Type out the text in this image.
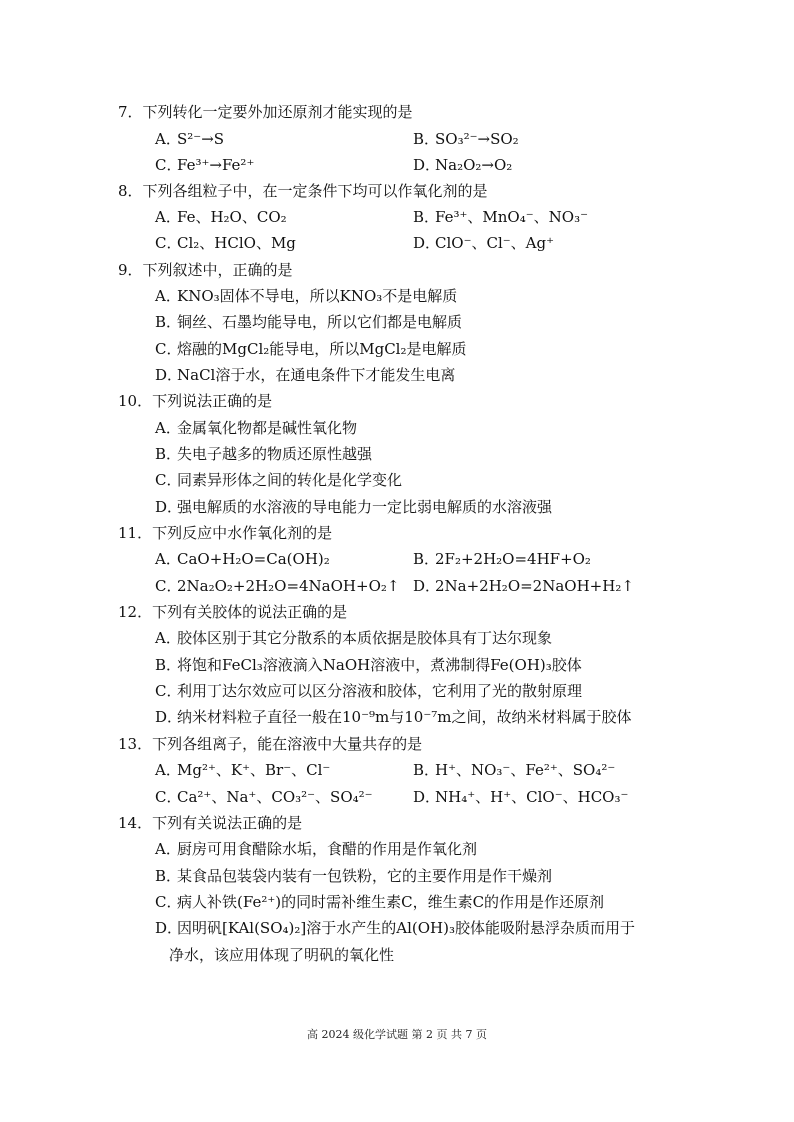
7．下列转化一定要外加还原剂才能实现的是
A．S²⁻→S	B．SO₃²⁻→SO₂
C．Fe³⁺→Fe²⁺	D．Na₂O₂→O₂
8．下列各组粒子中，在一定条件下均可以作氧化剂的是
A．Fe、H₂O、CO₂	B．Fe³⁺、MnO₄⁻、NO₃⁻
C．Cl₂、HClO、Mg	D．ClO⁻、Cl⁻、Ag⁺
9．下列叙述中，正确的是
A．KNO₃固体不导电，所以KNO₃不是电解质
B．铜丝、石墨均能导电，所以它们都是电解质
C．熔融的MgCl₂能导电，所以MgCl₂是电解质
D．NaCl溶于水，在通电条件下才能发生电离
10．下列说法正确的是
A．金属氧化物都是碱性氧化物
B．失电子越多的物质还原性越强
C．同素异形体之间的转化是化学变化
D．强电解质的水溶液的导电能力一定比弱电解质的水溶液强
11．下列反应中水作氧化剂的是
A．CaO+H₂O=Ca(OH)₂	B．2F₂+2H₂O=4HF+O₂
C．2Na₂O₂+2H₂O=4NaOH+O₂↑ D．2Na+2H₂O=2NaOH+H₂↑
12．下列有关胶体的说法正确的是
A．胶体区别于其它分散系的本质依据是胶体具有丁达尔现象
B．将饱和FeCl₃溶液滴入NaOH溶液中，煮沸制得Fe(OH)₃胶体
C．利用丁达尔效应可以区分溶液和胶体，它利用了光的散射原理
D．纳米材料粒子直径一般在10⁻⁹m与10⁻⁷m之间，故纳米材料属于胶体
13．下列各组离子，能在溶液中大量共存的是
A．Mg²⁺、K⁺、Br⁻、Cl⁻	B．H⁺、NO₃⁻、Fe²⁺、SO₄²⁻
C．Ca²⁺、Na⁺、CO₃²⁻、SO₄²⁻	D．NH₄⁺、H⁺、ClO⁻、HCO₃⁻
14．下列有关说法正确的是
A．厨房可用食醋除水垢，食醋的作用是作氧化剂
B．某食品包装袋内装有一包铁粉，它的主要作用是作干燥剂
C．病人补铁(Fe²⁺)的同时需补维生素C，维生素C的作用是作还原剂
D．因明矾[KAl(SO₄)₂]溶于水产生的Al(OH)₃胶体能吸附悬浮杂质而用于
净水，该应用体现了明矾的氧化性
高 2024 级化学试题 第 2 页 共 7 页
